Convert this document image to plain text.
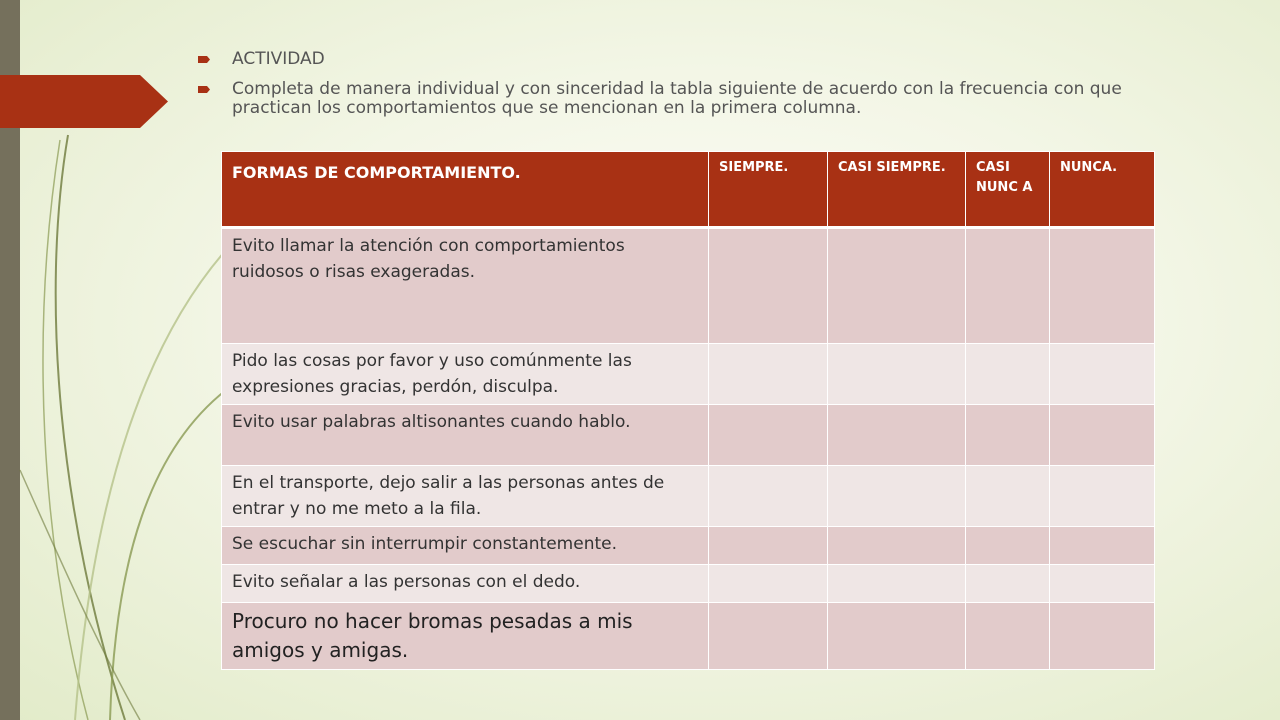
ACTIVIDAD
Completa de manera individual y con sinceridad la tabla siguiente de acuerdo con la frecuencia con que practican los comportamientos que se mencionan en la primera columna.
FORMAS DE COMPORTAMIENTO.	SIEMPRE.	CASI SIEMPRE.	CASI NUNC A	NUNCA.
Evito llamar la atención con comportamientos ruidosos o risas exageradas.				
Pido las cosas por favor y uso comúnmente las expresiones gracias, perdón, disculpa.				
Evito usar palabras altisonantes cuando hablo.				
En el transporte, dejo salir a las personas antes de entrar y no me meto a la fila.				
Se escuchar sin interrumpir constantemente.				
Evito señalar a las personas con el dedo.				
Procuro no hacer bromas pesadas a mis amigos y amigas.				
